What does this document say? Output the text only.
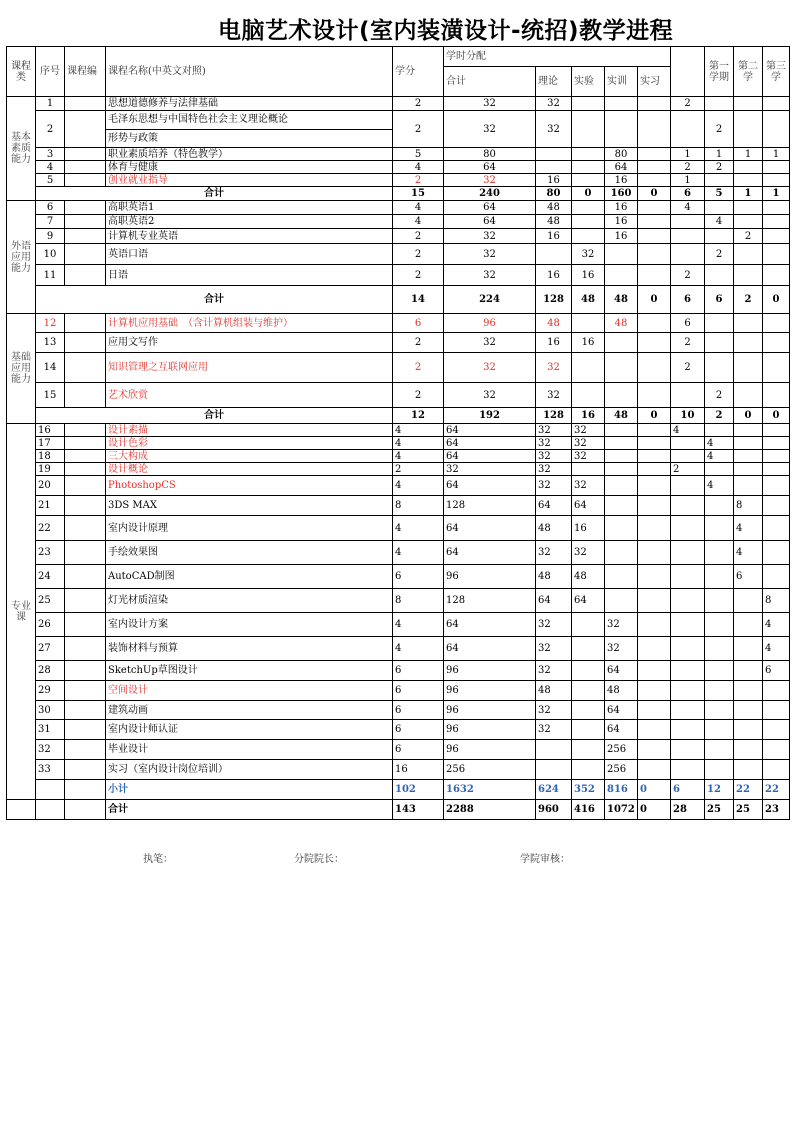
电脑艺术设计(室内装潢设计-统招)教学进程
课程类	序号	课程编	课程名称(中英文对照)	学分	学时分配						第一学期	第二学	第三学	
					合计	理论	实验	实训	实习					
基本素质能力	1		思想道德修养与法律基础	2	32	32				2				
	2		毛泽东思想与中国特色社会主义理论概论
形势与政策	2	32	32					2			
	3		职业素质培养（特色教学）	5	80			80		1	1	1	1	
	4		体育与健康	4	64			64		2	2			
	5		创业就业指导	2	32	16		16		1				
	合计			15	240	80	0	160	0	6	5	1	1	
外语应用能力	6		高职英语1	4	64	48		16		4				
	7		高职英语2	4	64	48		16			4			
	9		计算机专业英语	2	32	16		16				2		
	10		英语口语	2	32		32				2			
	11		日语	2	32	16	16			2				
	合计			14	224	128	48	48	0	6	6	2	0	
基础应用能力	12		计算机应用基础　（含计算机组装与维护）	6	96	48		48		6				
	13		应用文写作	2	32	16	16			2				
	14		知识管理之互联网应用	2	32	32				2				
	15		艺术欣赏	2	32	32					2			
	合计			12	192	128	16	48	0	10	2	0	0	
专业课	16		设计素描	4	64	32	32			4				
	17		设计色彩	4	64	32	32				4			
	18		三大构成	4	64	32	32				4			
	19		设计概论	2	32	32				2				
	20		PhotoshopCS	4	64	32	32				4			
	21		3DS MAX	8	128	64	64					8		
	22		室内设计原理	4	64	48	16					4		
	23		手绘效果图	4	64	32	32					4		
	24		AutoCAD制图	6	96	48	48					6		
	25		灯光材质渲染	8	128	64	64						8	
	26		室内设计方案	4	64	32		32					4	
	27		装饰材料与预算	4	64	32		32					4	
	28		SketchUp草图设计	6	96	32		64					6	
	29		空间设计	6	96	48		48						
	30		建筑动画	6	96	32		64						
	31		室内设计师认证	6	96	32		64						
	32		毕业设计	6	96			256						
	33		实习（室内设计岗位培训）	16	256			256						
			小计	102	1632	624	352	816	0	6	12	22	22	
			合计	143	2288	960	416	1072	0	28	25	25	23	
执笔：	分院院长：	学院审核：
